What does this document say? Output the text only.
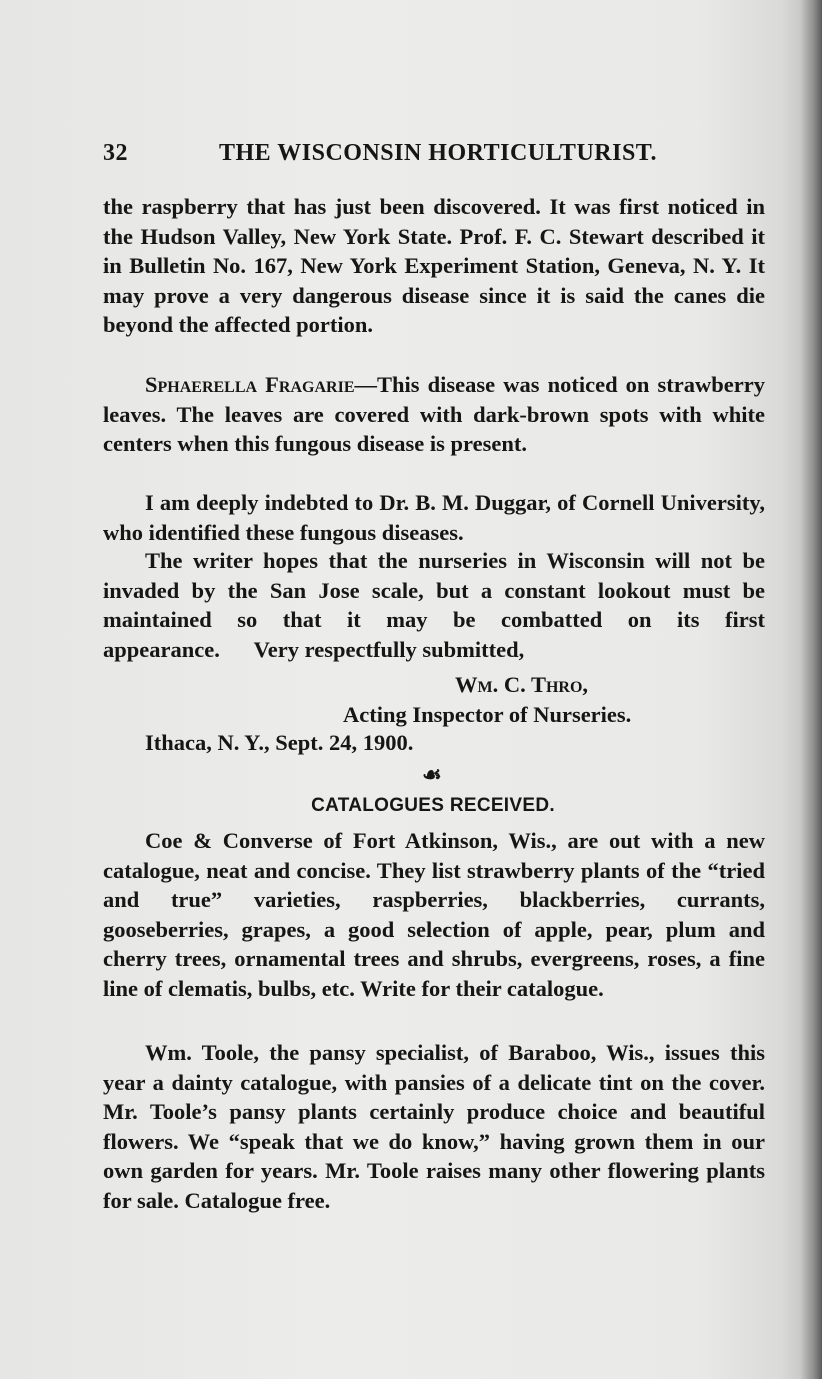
32	THE WISCONSIN HORTICULTURIST.

the raspberry that has just been discovered. It was first noticed in the Hudson Valley, New York State. Prof. F. C. Stewart described it in Bulletin No. 167, New York Experiment Station, Geneva, N. Y. It may prove a very dangerous disease since it is said the canes die beyond the affected portion.

Sphaerella Fragarie—This disease was noticed on strawberry leaves. The leaves are covered with dark-brown spots with white centers when this fungous disease is present.

I am deeply indebted to Dr. B. M. Duggar, of Cornell University, who identified these fungous diseases.

The writer hopes that the nurseries in Wisconsin will not be invaded by the San Jose scale, but a constant lookout must be maintained so that it may be combatted on its first appearance. Very respectfully submitted,

Wm. C. Thro,
Acting Inspector of Nurseries.
Ithaca, N. Y., Sept. 24, 1900.
☙
CATALOGUES RECEIVED.

Coe & Converse of Fort Atkinson, Wis., are out with a new catalogue, neat and concise. They list strawberry plants of the “tried and true” varieties, raspberries, blackberries, currants, gooseberries, grapes, a good selection of apple, pear, plum and cherry trees, ornamental trees and shrubs, evergreens, roses, a fine line of clematis, bulbs, etc. Write for their catalogue.

Wm. Toole, the pansy specialist, of Baraboo, Wis., issues this year a dainty catalogue, with pansies of a delicate tint on the cover. Mr. Toole’s pansy plants certainly produce choice and beautiful flowers. We “speak that we do know,” having grown them in our own garden for years. Mr. Toole raises many other flowering plants for sale. Catalogue free.
